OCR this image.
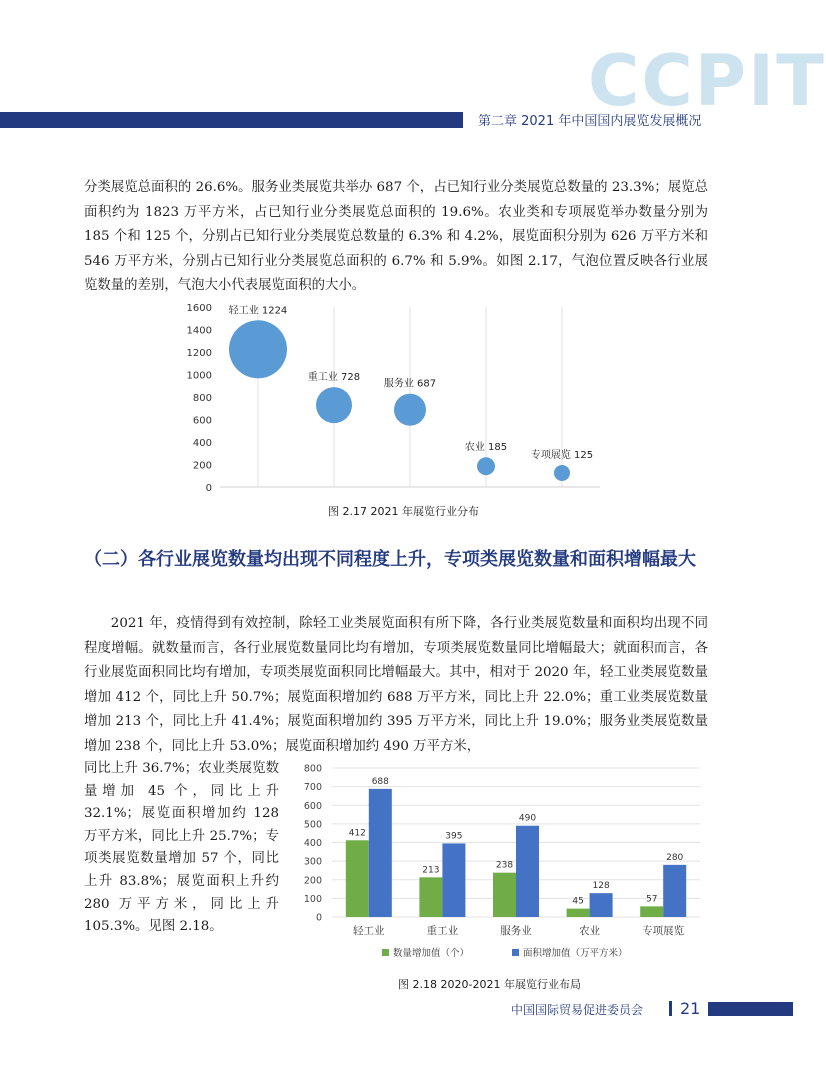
CCPIT
第二章 2021 年中国国内展览发展概况

分类展览总面积的 26.6%。服务业类展览共举办 687 个，占已知行业分类展览总数量的 23.3%；展览总面积约为 1823 万平方米，占已知行业分类展览总面积的 19.6%。农业类和专项展览举办数量分别为 185 个和 125 个，分别占已知行业分类展览总数量的 6.3% 和 4.2%，展览面积分别为 626 万平方米和 546 万平方米，分别占已知行业分类展览总面积的 6.7% 和 5.9%。如图 2.17，气泡位置反映各行业展览数量的差别，气泡大小代表展览面积的大小。

0
200
400
600
800
1000
1200
1400
1600 轻工业 1224
重工业 728
服务业 687
农业 185
专项展览 125
图 2.17 2021 年展览行业分布
（二）各行业展览数量均出现不同程度上升，专项类展览数量和面积增幅最大

2021 年，疫情得到有效控制，除轻工业类展览面积有所下降，各行业类展览数量和面积均出现不同程度增幅。就数量而言，各行业展览数量同比均有增加，专项类展览数量同比增幅最大；就面积而言，各行业展览面积同比均有增加，专项类展览面积同比增幅最大。其中，相对于 2020 年，轻工业类展览数量增加 412 个，同比上升 50.7%；展览面积增加约 688 万平方米，同比上升 22.0%；重工业类展览数量增加 213 个，同比上升 41.4%；展览面积增加约 395 万平方米，同比上升 19.0%；服务业类展览数量增加 238 个，同比上升 53.0%；展览面积增加约 490 万平方米，

同比上升 36.7%；农业类展览数量增加 45 个，同比上升 32.1%；展览面积增加约 128 万平方米，同比上升 25.7%；专项类展览数量增加 57 个，同比上升 83.8%；展览面积上升约 280 万平方米，同比上升 105.3%。见图 2.18。

0
100
200
300
400
500
600
700
800
412
688
轻工业
213
395
重工业
238
490
服务业
45
128
农业
57
280
专项展览
数量增加值（个）	面积增加值（万平方米）
图 2.18 2020-2021 年展览行业布局
中国国际贸易促进委员会 21
